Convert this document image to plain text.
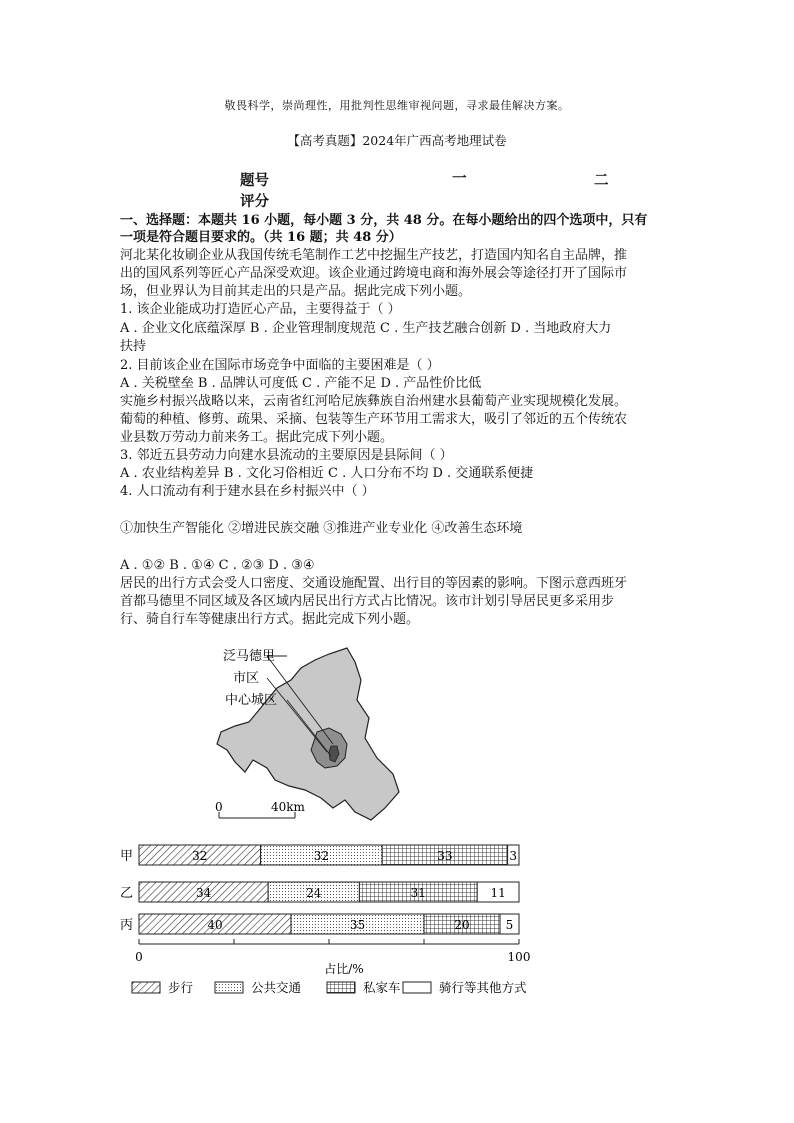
敬畏科学，崇尚理性，用批判性思维审视问题，寻求最佳解决方案。
【高考真题】2024年广西高考地理试卷
题号	一	二
评分
一、选择题：本题共 16 小题，每小题 3 分，共 48 分。在每小题给出的四个选项中，只有
一项是符合题目要求的。（共 16 题；共 48 分）
河北某化妆刷企业从我国传统毛笔制作工艺中挖掘生产技艺，打造国内知名自主品牌，推
出的国风系列等匠心产品深受欢迎。该企业通过跨境电商和海外展会等途径打开了国际市
场，但业界认为目前其走出的只是产品。据此完成下列小题。
1. 该企业能成功打造匠心产品，主要得益于（ ）
A . 企业文化底蕴深厚 B . 企业管理制度规范 C . 生产技艺融合创新 D . 当地政府大力
扶持
2. 目前该企业在国际市场竞争中面临的主要困难是（ ）
A . 关税壁垒 B . 品牌认可度低 C . 产能不足 D . 产品性价比低
实施乡村振兴战略以来，云南省红河哈尼族彝族自治州建水县葡萄产业实现规模化发展。
葡萄的种植、修剪、疏果、采摘、包装等生产环节用工需求大，吸引了邻近的五个传统农
业县数万劳动力前来务工。据此完成下列小题。
3. 邻近五县劳动力向建水县流动的主要原因是县际间（ ）
A . 农业结构差异 B . 文化习俗相近 C . 人口分布不均 D . 交通联系便捷
4. 人口流动有利于建水县在乡村振兴中（ ）
①加快生产智能化 ②增进民族交融 ③推进产业专业化 ④改善生态环境
A . ①② B . ①④ C . ②③ D . ③④
居民的出行方式会受人口密度、交通设施配置、出行目的等因素的影响。下图示意西班牙
首都马德里不同区域及各区域内居民出行方式占比情况。该市计划引导居民更多采用步
行、骑自行车等健康出行方式。据此完成下列小题。
泛马德里
市区
中心城区
0	40km
甲	32	32	33	3
乙	34	24	31	11
丙	40	35	20	5
0	100
占比/%
步行	公共交通	私家车	骑行等其他方式
